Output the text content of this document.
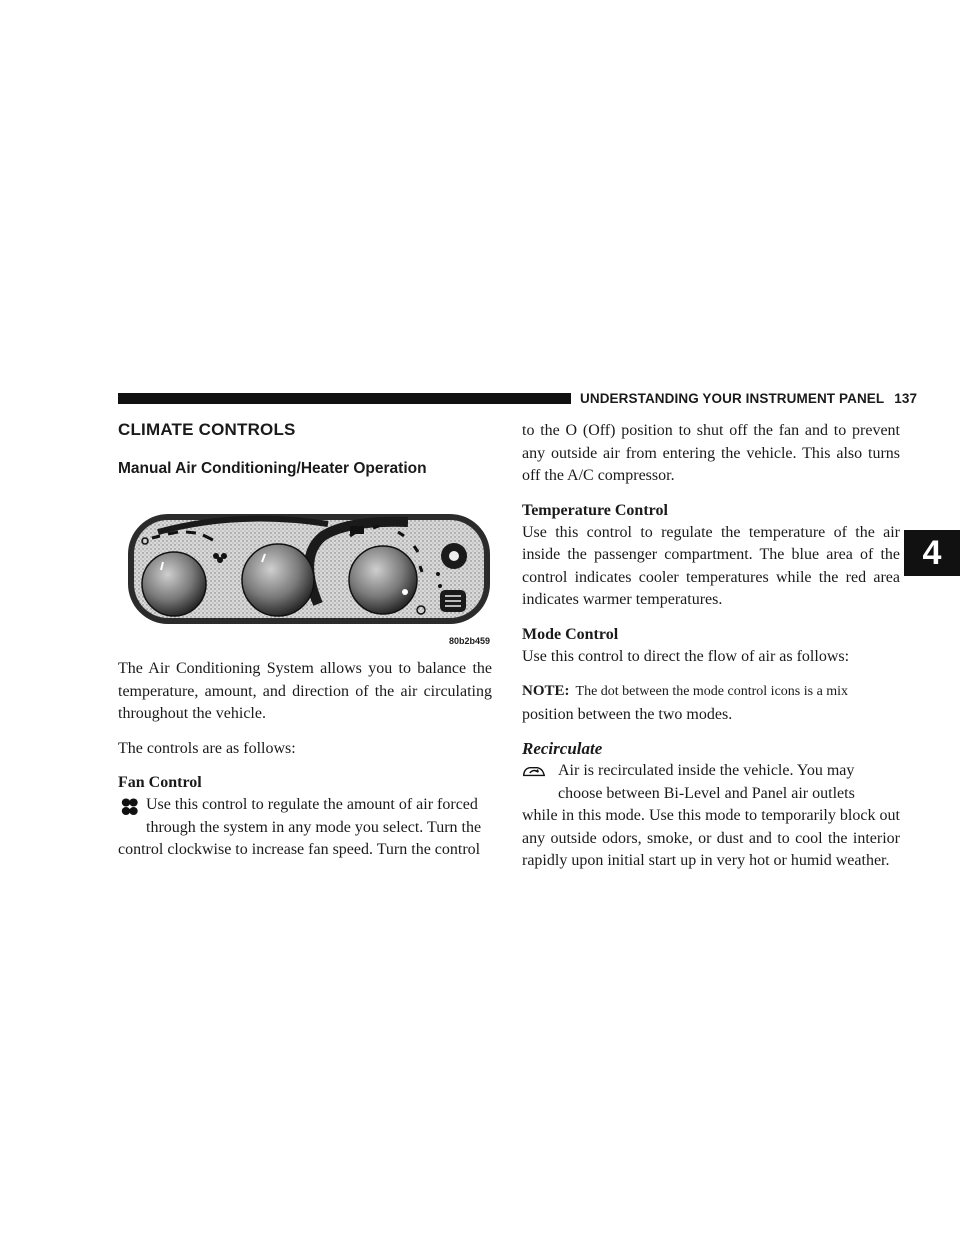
UNDERSTANDING YOUR INSTRUMENT PANEL 137
4
CLIMATE CONTROLS
Manual Air Conditioning/Heater Operation
80b2b459

The Air Conditioning System allows you to balance the temperature, amount, and direction of the air circulating throughout the vehicle.

The controls are as follows:

Fan Control

Use this control to regulate the amount of air forced
through the system in any mode you select. Turn the
control clockwise to increase fan speed. Turn the control

to the O (Off) position to shut off the fan and to prevent any outside air from entering the vehicle. This also turns off the A/C compressor.

Temperature Control

Use this control to regulate the temperature of the air inside the passenger compartment. The blue area of the control indicates cooler temperatures while the red area indicates warmer temperatures.

Mode Control

Use this control to direct the flow of air as follows:

NOTE: The dot between the mode control icons is a mix
position between the two modes.
Recirculate

Air is recirculated inside the vehicle. You may
choose between Bi-Level and Panel air outlets
while in this mode. Use this mode to temporarily block out any outside odors, smoke, or dust and to cool the interior rapidly upon initial start up in very hot or humid weather.
